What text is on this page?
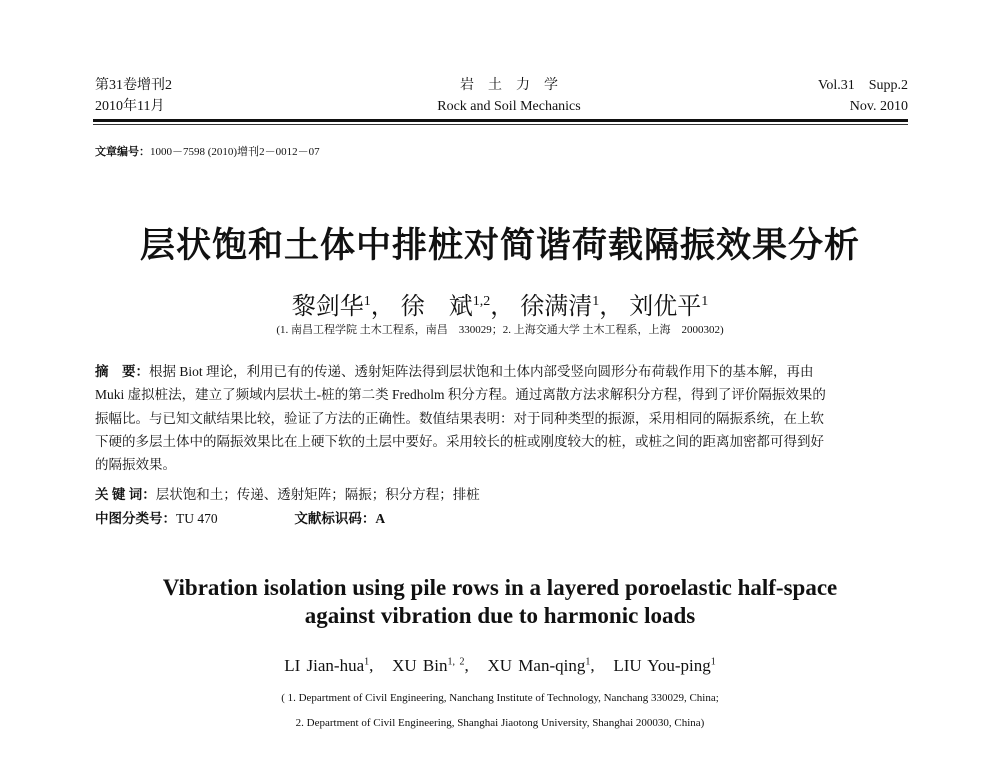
第31卷增刊2
2010年11月
岩　土　力　学
Rock and Soil Mechanics
Vol.31　Supp.2
Nov. 2010
文章编号：1000－7598 (2010)增刊2－0012－07
层状饱和土体中排桩对简谐荷载隔振效果分析
黎剑华$^1$， 徐　斌$^{1,2}$， 徐满清$^1$， 刘优平$^1$
(1. 南昌工程学院 土木工程系，南昌　330029；2. 上海交通大学 土木工程系，上海　2000302)
摘　要：根据 Biot 理论，利用已有的传递、透射矩阵法得到层状饱和土体内部受竖向圆形分布荷载作用下的基本解，再由
Muki 虚拟桩法，建立了频域内层状土-桩的第二类 Fredholm 积分方程。通过离散方法求解积分方程，得到了评价隔振效果的
振幅比。与已知文献结果比较，验证了方法的正确性。数值结果表明：对于同种类型的振源，采用相同的隔振系统，在上软
下硬的多层土体中的隔振效果比在上硬下软的土层中要好。采用较长的桩或刚度较大的桩，或桩之间的距离加密都可得到好
的隔振效果。
关 键 词：层状饱和土；传递、透射矩阵；隔振；积分方程；排桩
中图分类号：TU 470	文献标识码：A
Vibration isolation using pile rows in a layered poroelastic half-space
against vibration due to harmonic loads
LI Jian-hua$^1$,   XU Bin$^{1, 2}$,   XU Man-qing$^1$,   LIU You-ping$^1$
( 1. Department of Civil Engineering, Nanchang Institute of Technology, Nanchang 330029, China;
2. Department of Civil Engineering, Shanghai Jiaotong University, Shanghai 200030, China)
